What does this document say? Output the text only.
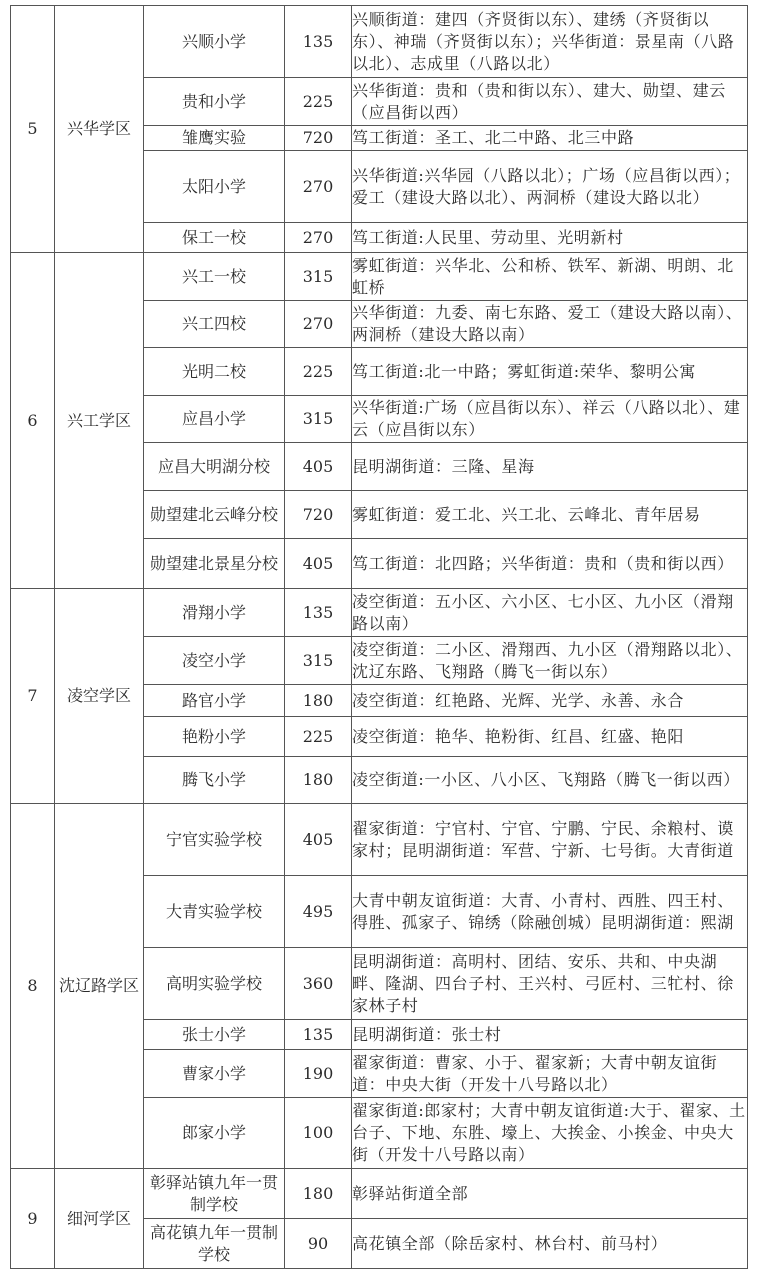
5	兴华学区	兴顺小学	135	兴顺街道：建四（齐贤街以东）、建绣（齐贤街以东）、神瑞（齐贤街以东）；兴华街道：景星南（八路以北）、志成里（八路以北）
		贵和小学	225	兴华街道：贵和（贵和街以东）、建大、勋望、建云（应昌街以西）
		雏鹰实验	720	笃工街道：圣工、北二中路、北三中路
		太阳小学	270	兴华街道:兴华园（八路以北）；广场（应昌街以西）；爱工（建设大路以北）、两洞桥（建设大路以北）
		保工一校	270	笃工街道:人民里、劳动里、光明新村
6	兴工学区	兴工一校	315	雾虹街道：兴华北、公和桥、铁军、新湖、明朗、北虹桥
		兴工四校	270	兴华街道：九委、南七东路、爱工（建设大路以南）、两洞桥（建设大路以南）
		光明二校	225	笃工街道:北一中路；雾虹街道:荣华、黎明公寓
		应昌小学	315	兴华街道:广场（应昌街以东）、祥云（八路以北）、建云（应昌街以东）
		应昌大明湖分校	405	昆明湖街道：三隆、星海
		勋望建北云峰分校	720	雾虹街道：爱工北、兴工北、云峰北、青年居易
		勋望建北景星分校	405	笃工街道：北四路；兴华街道：贵和（贵和街以西）
7	凌空学区	滑翔小学	135	凌空街道：五小区、六小区、七小区、九小区（滑翔路以南）
		凌空小学	315	凌空街道：二小区、滑翔西、九小区（滑翔路以北）、沈辽东路、飞翔路（腾飞一街以东）
		路官小学	180	凌空街道：红艳路、光辉、光学、永善、永合
		艳粉小学	225	凌空街道：艳华、艳粉街、红昌、红盛、艳阳
		腾飞小学	180	凌空街道:一小区、八小区、飞翔路（腾飞一街以西）
8	沈辽路学区	宁官实验学校	405	翟家街道：宁官村、宁官、宁鹏、宁民、余粮村、谟家村；昆明湖街道：军营、宁新、七号街。大青街道
		大青实验学校	495	大青中朝友谊街道：大青、小青村、西胜、四王村、得胜、孤家子、锦绣（除融创城）昆明湖街道：熙湖
		高明实验学校	360	昆明湖街道：高明村、团结、安乐、共和、中央湖畔、隆湖、四台子村、王兴村、弓匠村、三牤村、徐家林子村
		张士小学	135	昆明湖街道：张士村
		曹家小学	190	翟家街道：曹家、小于、翟家新；大青中朝友谊街道：中央大街（开发十八号路以北）
		郎家小学	100	翟家街道:郎家村；大青中朝友谊街道:大于、翟家、土台子、下地、东胜、壕上、大挨金、小挨金、中央大街（开发十八号路以南）
9	细河学区	彰驿站镇九年一贯制学校	180	彰驿站街道全部
		高花镇九年一贯制学校	90	高花镇全部（除岳家村、林台村、前马村）
